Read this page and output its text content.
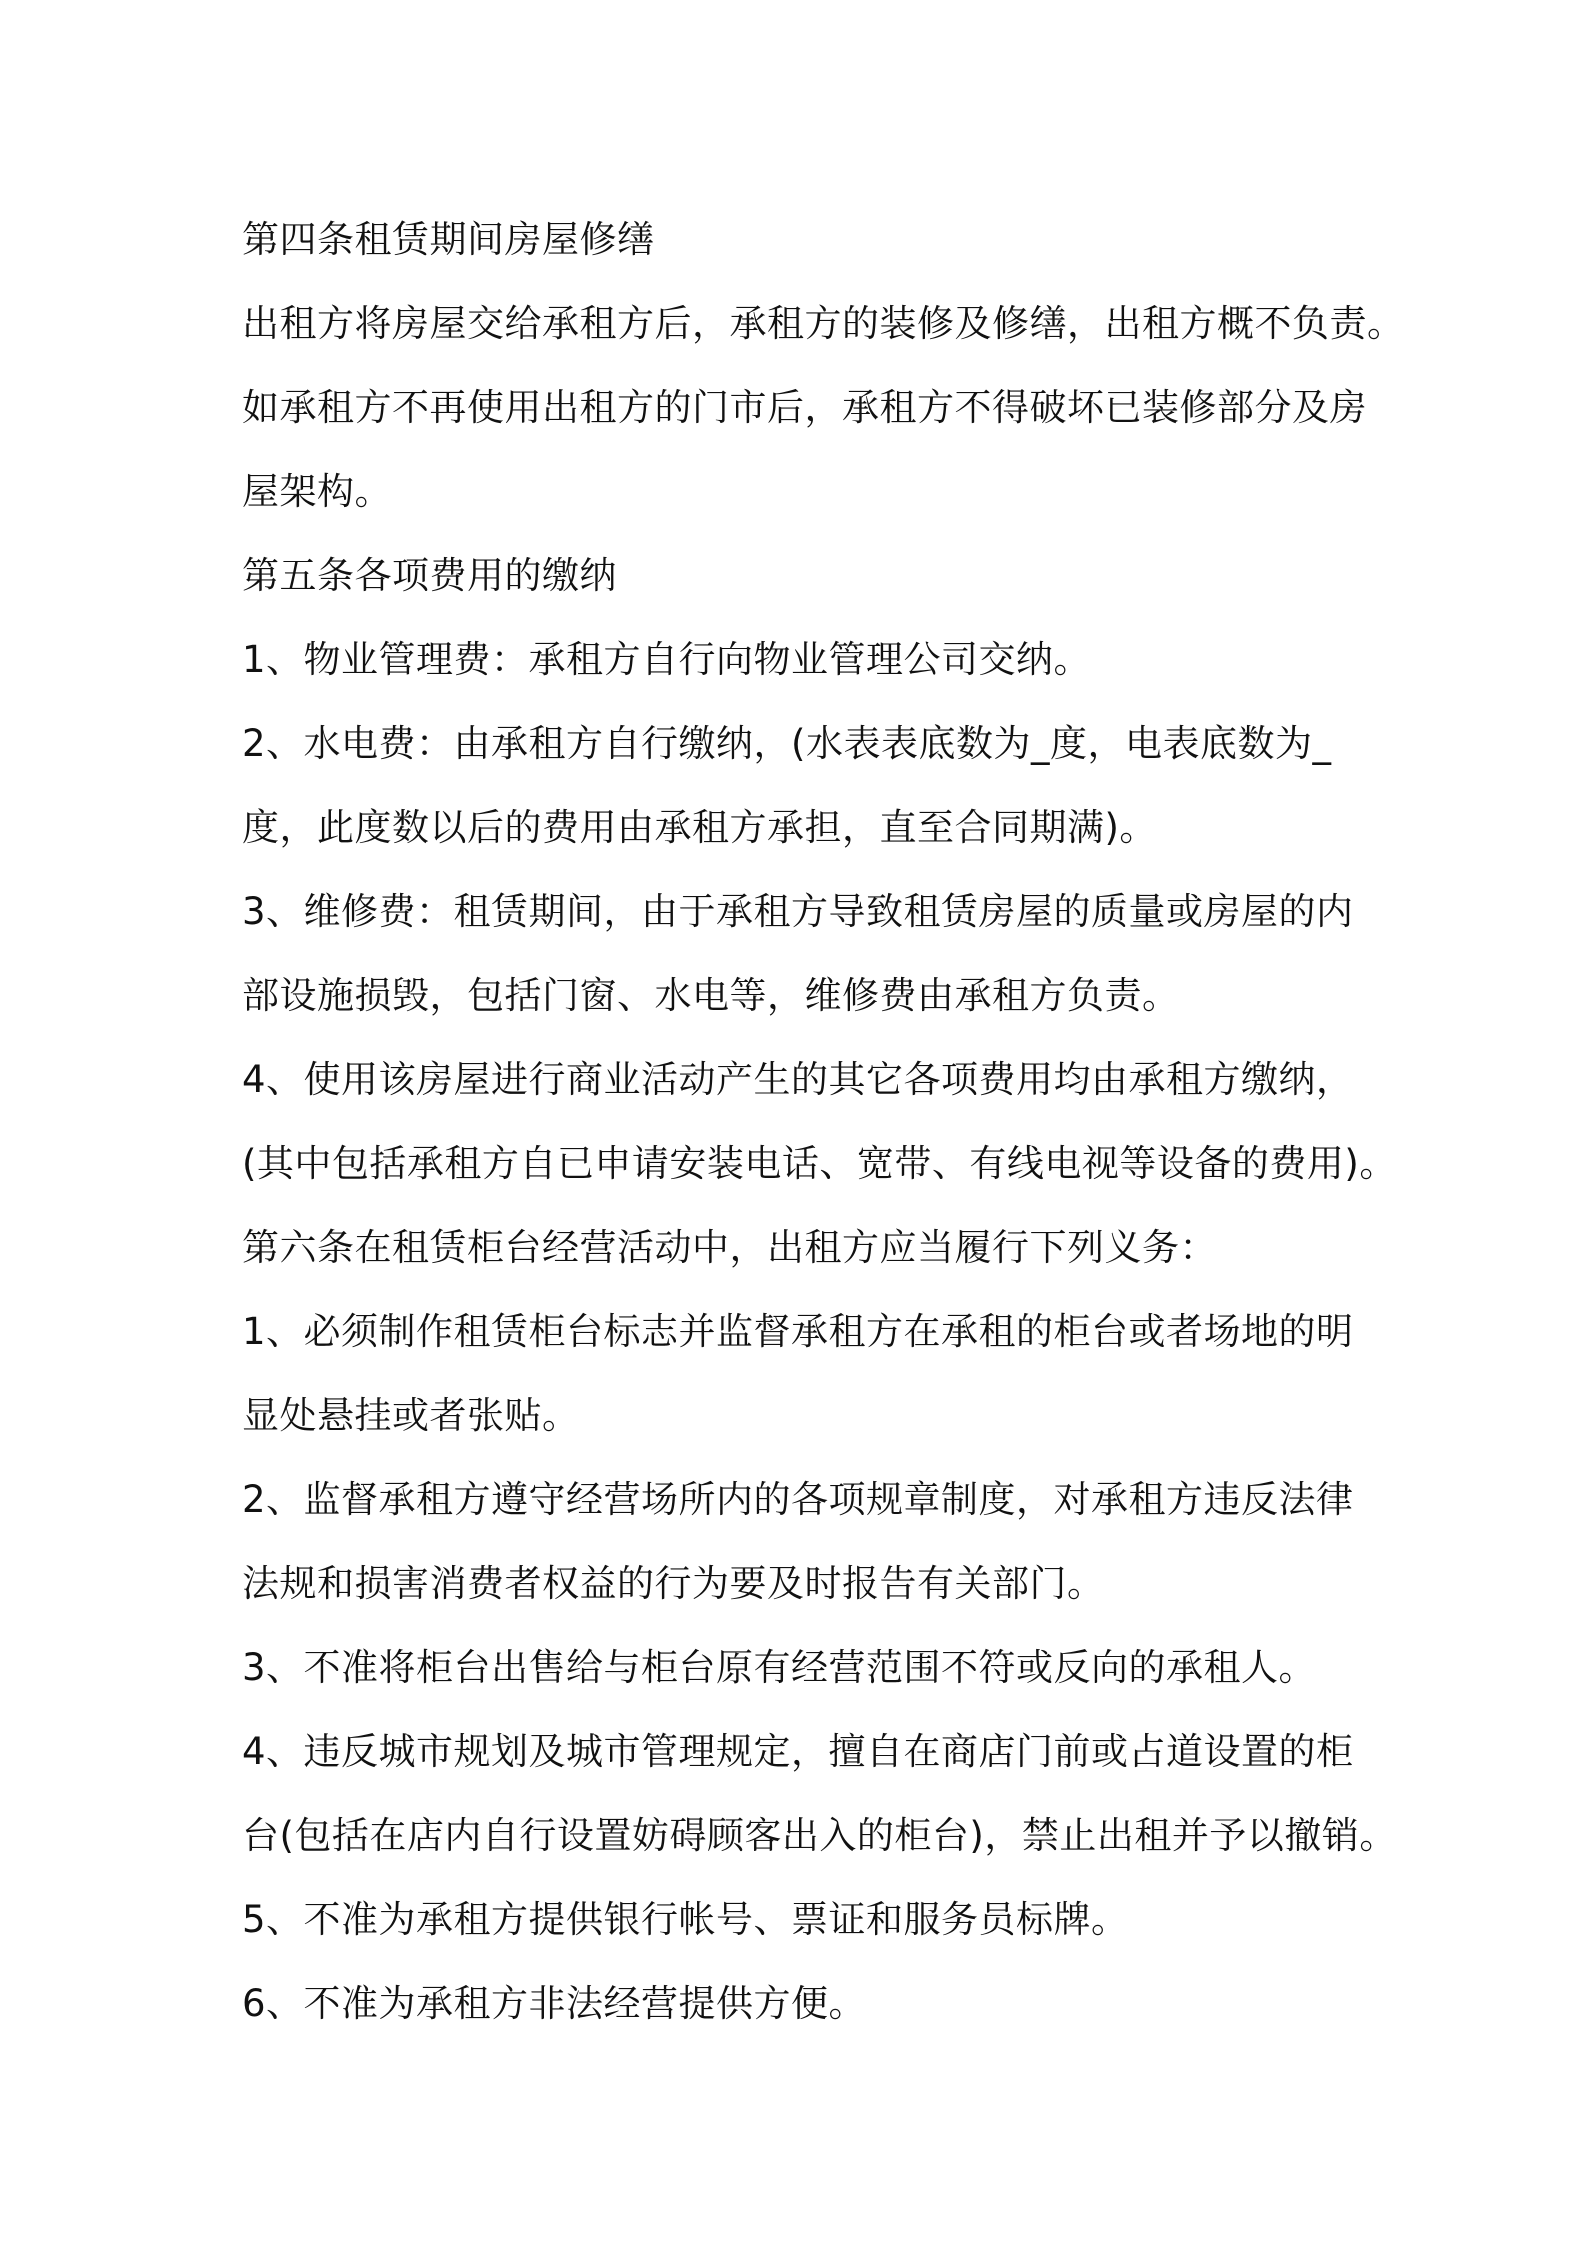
第四条租赁期间房屋修缮
出租方将房屋交给承租方后，承租方的装修及修缮，出租方概不负责。
如承租方不再使用出租方的门市后，承租方不得破坏已装修部分及房
屋架构。
第五条各项费用的缴纳
1、物业管理费：承租方自行向物业管理公司交纳。
2、水电费：由承租方自行缴纳，(水表表底数为_度，电表底数为_
度，此度数以后的费用由承租方承担，直至合同期满)。
3、维修费：租赁期间，由于承租方导致租赁房屋的质量或房屋的内
部设施损毁，包括门窗、水电等，维修费由承租方负责。
4、使用该房屋进行商业活动产生的其它各项费用均由承租方缴纳，
(其中包括承租方自已申请安装电话、宽带、有线电视等设备的费用)。
第六条在租赁柜台经营活动中，出租方应当履行下列义务：
1、必须制作租赁柜台标志并监督承租方在承租的柜台或者场地的明
显处悬挂或者张贴。
2、监督承租方遵守经营场所内的各项规章制度，对承租方违反法律
法规和损害消费者权益的行为要及时报告有关部门。
3、不准将柜台出售给与柜台原有经营范围不符或反向的承租人。
4、违反城市规划及城市管理规定，擅自在商店门前或占道设置的柜
台(包括在店内自行设置妨碍顾客出入的柜台)，禁止出租并予以撤销。
5、不准为承租方提供银行帐号、票证和服务员标牌。
6、不准为承租方非法经营提供方便。
